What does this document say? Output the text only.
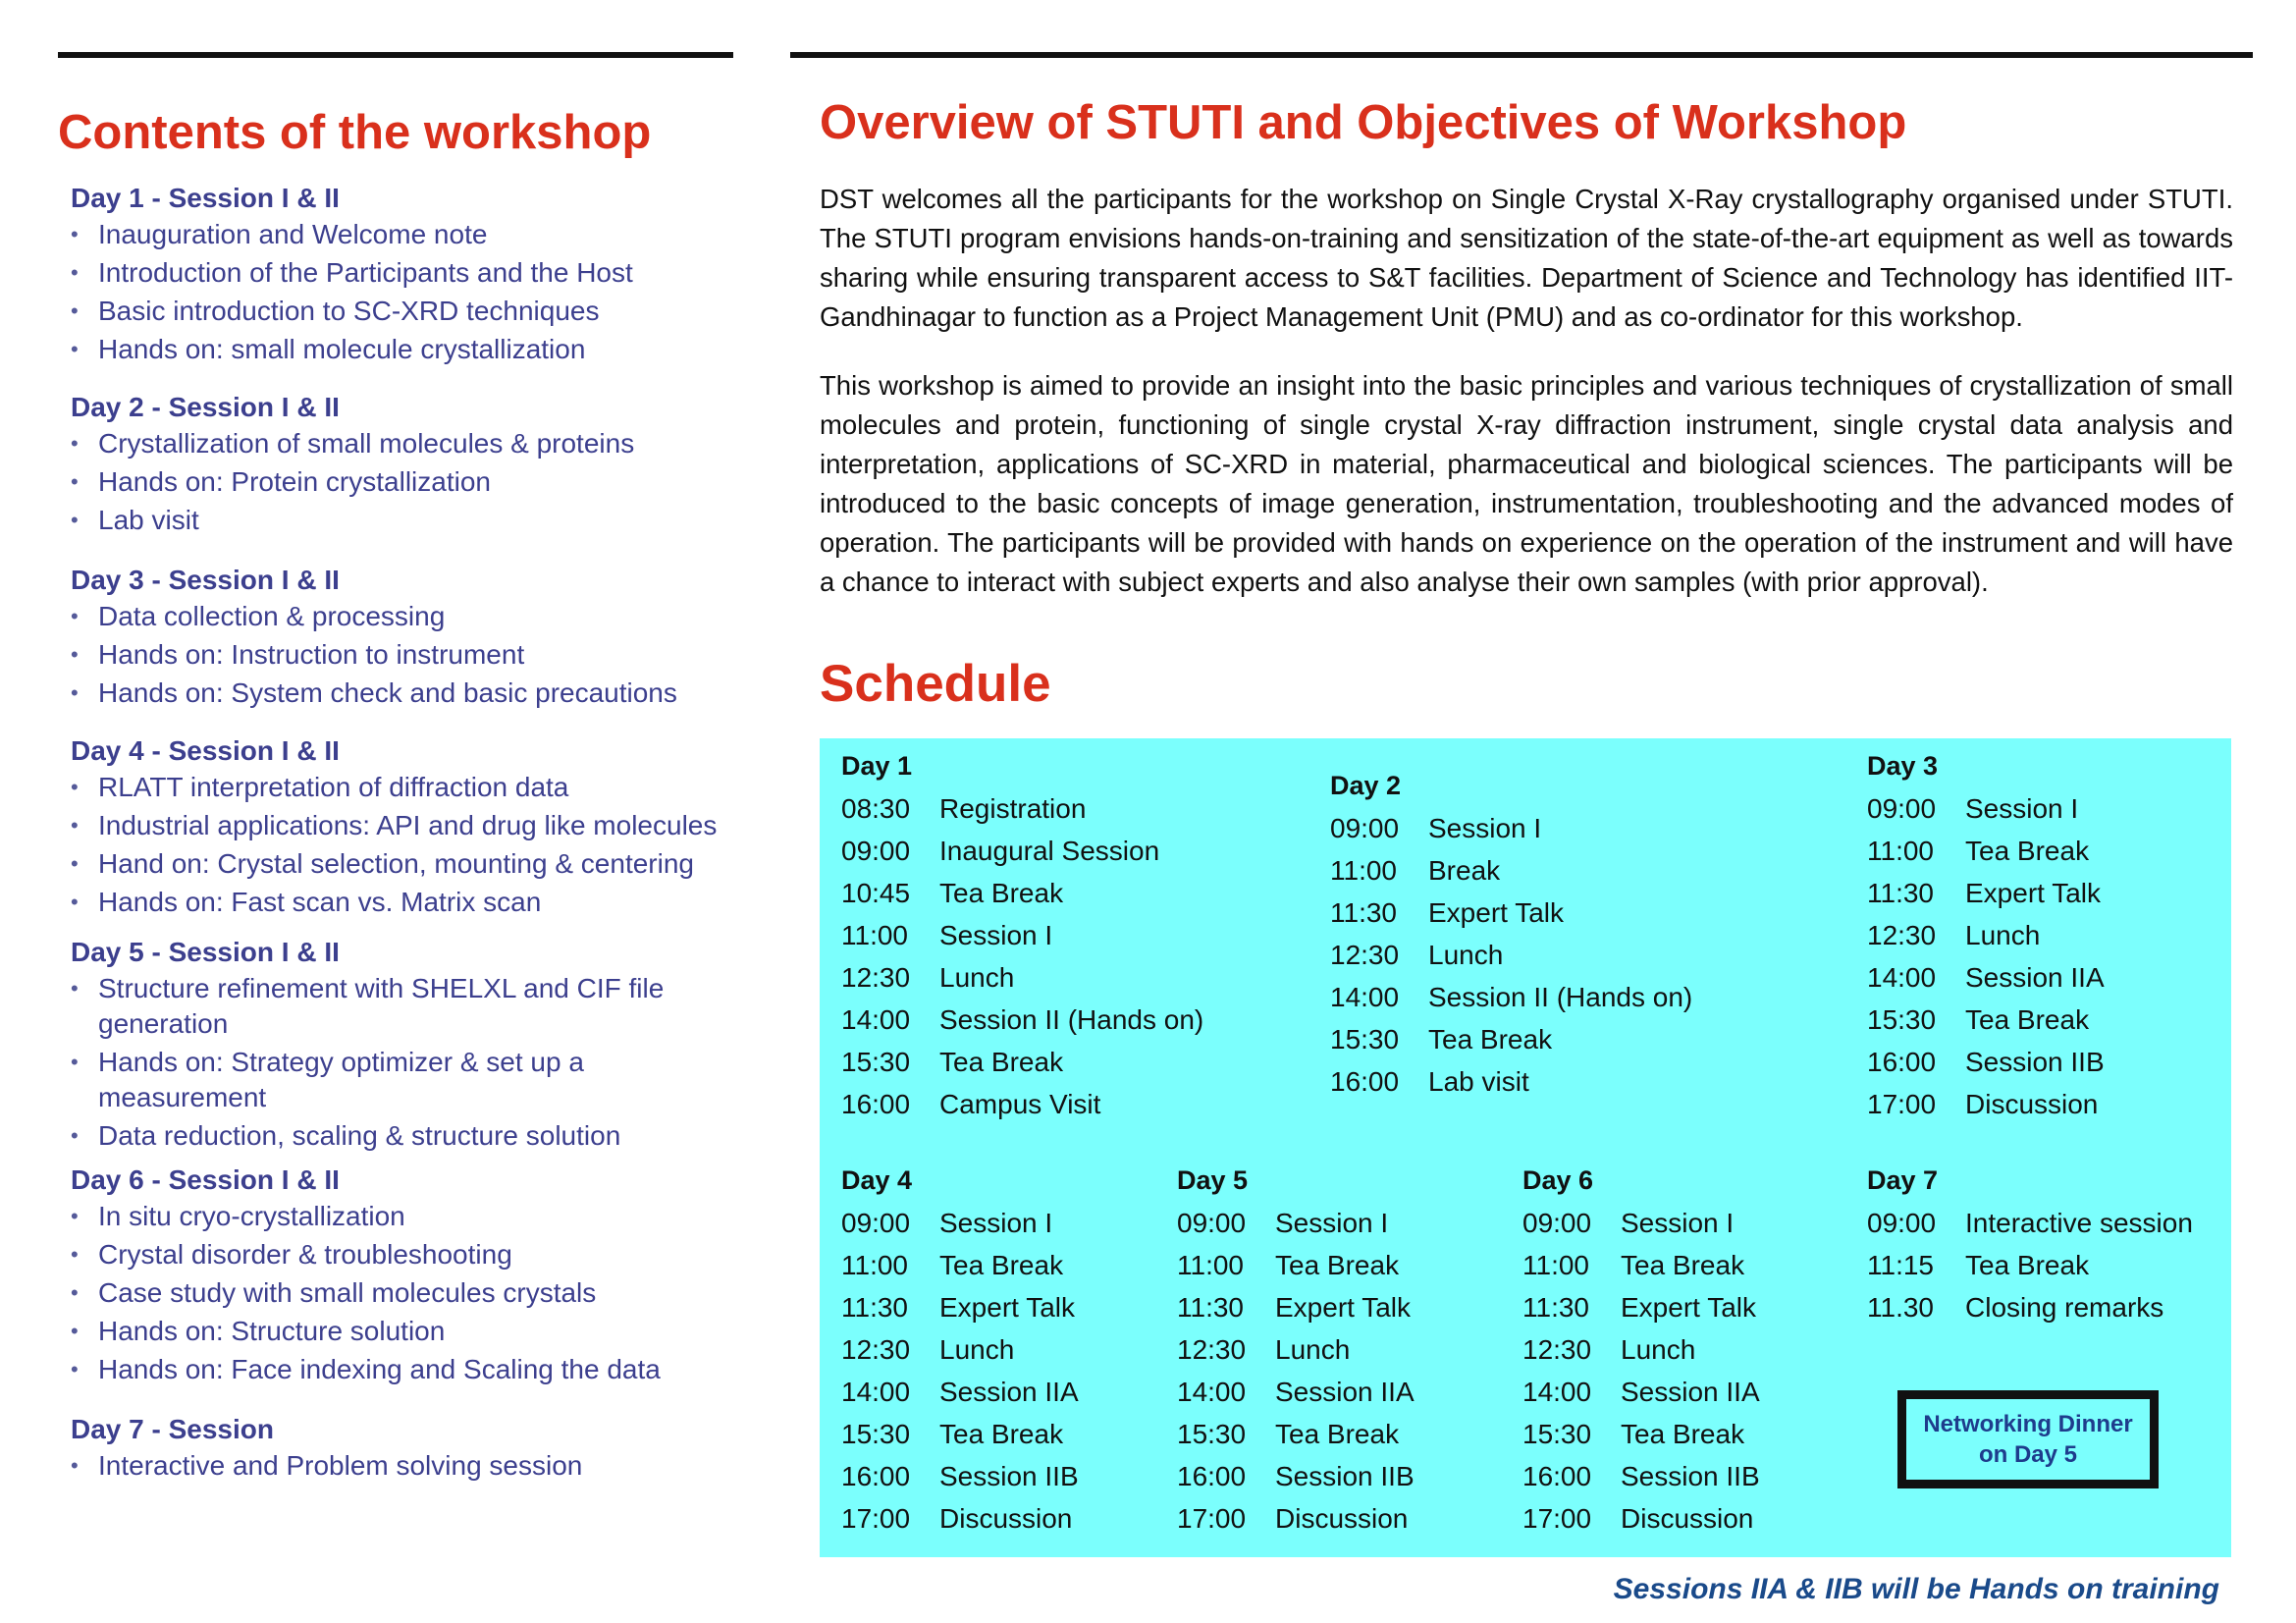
Contents of the workshop
Day 1 - Session I & II
• Inauguration and Welcome note
• Introduction of the Participants and the Host
• Basic introduction to SC-XRD techniques
• Hands on: small molecule crystallization
Day 2 - Session I & II
• Crystallization of small molecules & proteins
• Hands on: Protein crystallization
• Lab visit
Day 3 - Session I & II
• Data collection & processing
• Hands on: Instruction to instrument
• Hands on: System check and basic precautions
Day 4 - Session I & II
• RLATT interpretation of diffraction data
• Industrial applications: API and drug like molecules
• Hand on: Crystal selection, mounting & centering
• Hands on: Fast scan vs. Matrix scan
Day 5 - Session I & II
• Structure refinement with SHELXL and CIF file generation
• Hands on: Strategy optimizer & set up a measurement
• Data reduction, scaling & structure solution
Day 6 - Session I & II
• In situ cryo-crystallization
• Crystal disorder & troubleshooting
• Case study with small molecules crystals
• Hands on: Structure solution
• Hands on: Face indexing and Scaling the data
Day 7 - Session
• Interactive and Problem solving session
Overview of STUTI and Objectives of Workshop

DST welcomes all the participants for the workshop on Single Crystal X-Ray crystallography organised under STUTI. The STUTI program envisions hands-on-training and sensitization of the state-of-the-art equipment as well as towards sharing while ensuring transparent access to S&T facilities. Department of Science and Technology has identified IIT-Gandhinagar to function as a Project Management Unit (PMU) and as co-ordinator for this workshop.

This workshop is aimed to provide an insight into the basic principles and various techniques of crystallization of small molecules and protein, functioning of single crystal X-ray diffraction instrument, single crystal data analysis and interpretation, applications of SC-XRD in material, pharmaceutical and biological sciences. The participants will be introduced to the basic concepts of image generation, instrumentation, troubleshooting and the advanced modes of operation. The participants will be provided with hands on experience on the operation of the instrument and will have a chance to interact with subject experts and also analyse their own samples (with prior approval).

Schedule
Day 1
08:30	Registration
09:00	Inaugural Session
10:45	Tea Break
11:00	Session I
12:30	Lunch
14:00	Session II (Hands on)
15:30	Tea Break
16:00	Campus Visit
Day 2
09:00	Session I
11:00	Break
11:30	Expert Talk
12:30	Lunch
14:00	Session II (Hands on)
15:30	Tea Break
16:00	Lab visit
Day 3
09:00	Session I
11:00	Tea Break
11:30	Expert Talk
12:30	Lunch
14:00	Session IIA
15:30	Tea Break
16:00	Session IIB
17:00	Discussion
Day 4
09:00	Session I
11:00	Tea Break
11:30	Expert Talk
12:30	Lunch
14:00	Session IIA
15:30	Tea Break
16:00	Session IIB
17:00	Discussion
Day 5
09:00	Session I
11:00	Tea Break
11:30	Expert Talk
12:30	Lunch
14:00	Session IIA
15:30	Tea Break
16:00	Session IIB
17:00	Discussion
Day 6
09:00	Session I
11:00	Tea Break
11:30	Expert Talk
12:30	Lunch
14:00	Session IIA
15:30	Tea Break
16:00	Session IIB
17:00	Discussion
Day 7
09:00	Interactive session
11:15	Tea Break
11.30	Closing remarks
Networking Dinner
on Day 5
Sessions IIA & IIB will be Hands on training
